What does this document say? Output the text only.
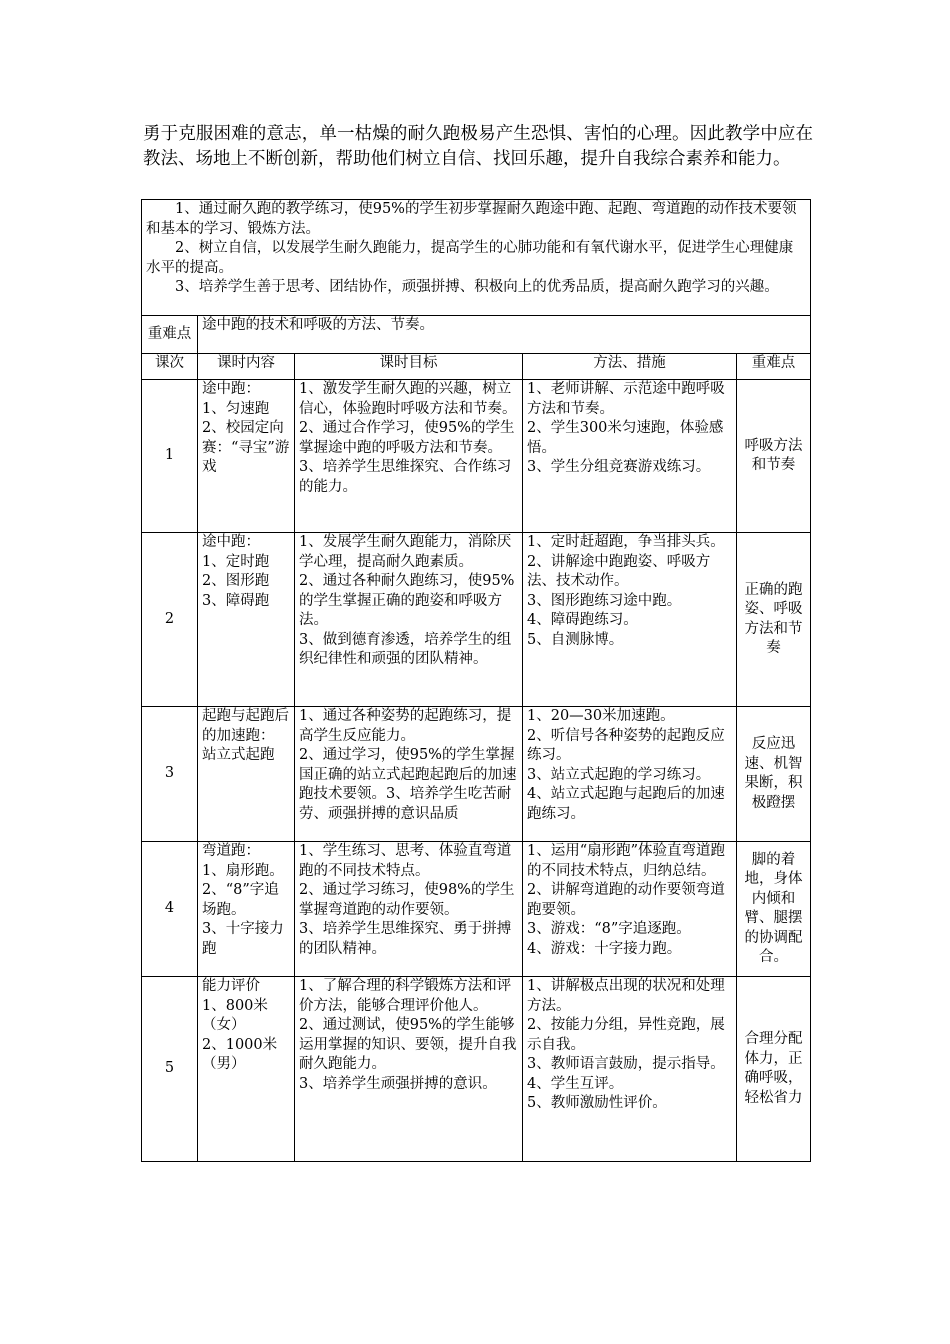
勇于克服困难的意志，单一枯燥的耐久跑极易产生恐惧、害怕的心理。因此教学中应在教法、场地上不断创新，帮助他们树立自信、找回乐趣，提升自我综合素养和能力。

1、通过耐久跑的教学练习，使95%的学生初步掌握耐久跑途中跑、起跑、弯道跑的动作技术要领和基本的学习、锻炼方法。

2、树立自信，以发展学生耐久跑能力，提高学生的心肺功能和有氧代谢水平，促进学生心理健康水平的提高。

3、培养学生善于思考、团结协作，顽强拼搏、积极向上的优秀品质，提高耐久跑学习的兴趣。				

重难点	途中跑的技术和呼吸的方法、节奏。			
课次	课时内容	课时目标	方法、措施	重难点
1	途中跑：
1、匀速跑
2、校园定向赛：“寻宝”游戏	1、激发学生耐久跑的兴趣，树立信心，体验跑时呼吸方法和节奏。
2、通过合作学习，使95%的学生掌握途中跑的呼吸方法和节奏。
3、培养学生思维探究、合作练习的能力。	1、老师讲解、示范途中跑呼吸方法和节奏。
2、学生300米匀速跑，体验感悟。
3、学生分组竞赛游戏练习。	呼吸方法和节奏
2	途中跑：
1、定时跑
2、图形跑
3、障碍跑	1、发展学生耐久跑能力，消除厌学心理，提高耐久跑素质。
2、通过各种耐久跑练习，使95%的学生掌握正确的跑姿和呼吸方法。
3、做到德育渗透，培养学生的组织纪律性和顽强的团队精神。	1、定时赶超跑，争当排头兵。
2、讲解途中跑跑姿、呼吸方法、技术动作。
3、图形跑练习途中跑。
4、障碍跑练习。
5、自测脉博。	正确的跑姿、呼吸方法和节奏
3	起跑与起跑后的加速跑：
站立式起跑	1、通过各种姿势的起跑练习，提高学生反应能力。
2、通过学习，使95%的学生掌握国正确的站立式起跑起跑后的加速跑技术要领。3、培养学生吃苦耐劳、顽强拼搏的意识品质	1、20—30米加速跑。
2、听信号各种姿势的起跑反应练习。
3、站立式起跑的学习练习。
4、站立式起跑与起跑后的加速跑练习。	反应迅速、机智果断，积极蹬摆
4	弯道跑：
1、扇形跑。
2、“8”字追场跑。
3、十字接力跑	1、学生练习、思考、体验直弯道跑的不同技术特点。
2、通过学习练习，使98%的学生掌握弯道跑的动作要领。
3、培养学生思维探究、勇于拼搏的团队精神。	1、运用“扇形跑”体验直弯道跑的不同技术特点，归纳总结。
2、讲解弯道跑的动作要领弯道跑要领。
3、游戏：“8”字追逐跑。
4、游戏：十字接力跑。	脚的着地，身体内倾和臂、腿摆的协调配合。
5	能力评价
1、800米（女）
2、1000米（男）	1、了解合理的科学锻炼方法和评价方法，能够合理评价他人。
2、通过测试，使95%的学生能够运用掌握的知识、要领，提升自我耐久跑能力。
3、培养学生顽强拼搏的意识。	1、讲解极点出现的状况和处理方法。
2、按能力分组，异性竞跑，展示自我。
3、教师语言鼓励，提示指导。
4、学生互评。
5、教师激励性评价。	合理分配体力，正确呼吸，轻松省力
